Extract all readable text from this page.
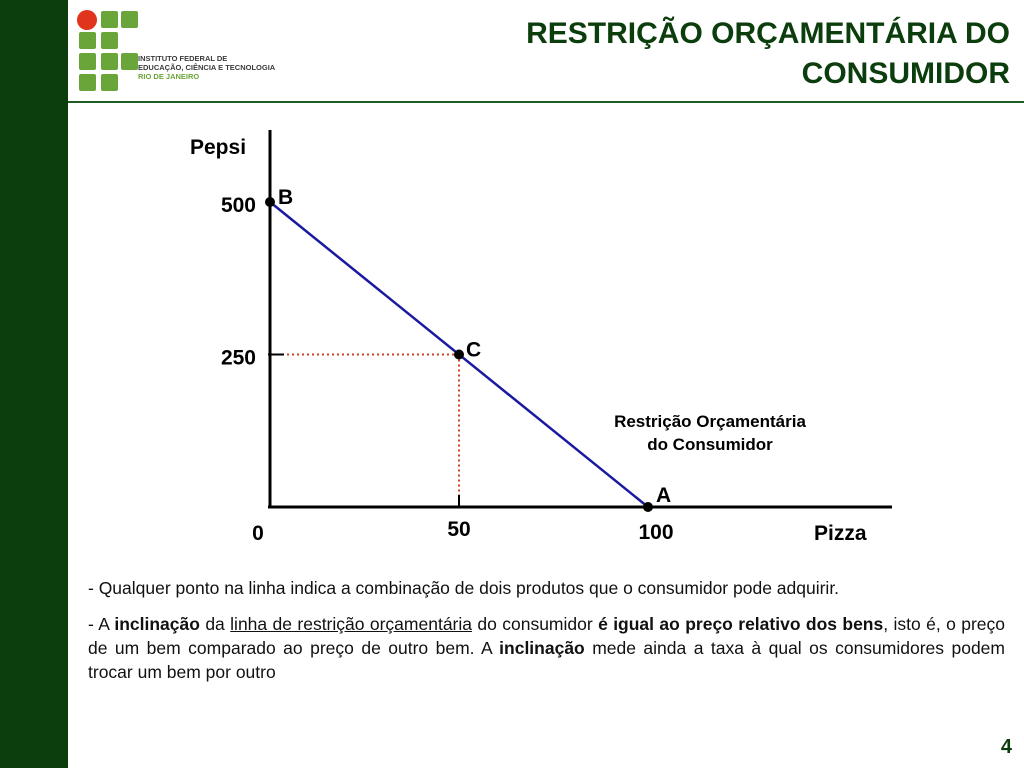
INSTITUTO FEDERAL DE
EDUCAÇÃO, CIÊNCIA E TECNOLOGIA
RIO DE JANEIRO
RESTRIÇÃO ORÇAMENTÁRIA DO
CONSUMIDOR
B
C
A
Pepsi
Pizza
500
250
0	50	100
Restrição Orçamentária
do Consumidor

- Qualquer ponto na linha indica a combinação de dois produtos que o consumidor pode adquirir.

- A inclinação da linha de restrição orçamentária do consumidor é igual ao preço relativo dos bens, isto é, o preço de um bem comparado ao preço de outro bem. A inclinação mede ainda a taxa à qual os consumidores podem trocar um bem por outro

4
